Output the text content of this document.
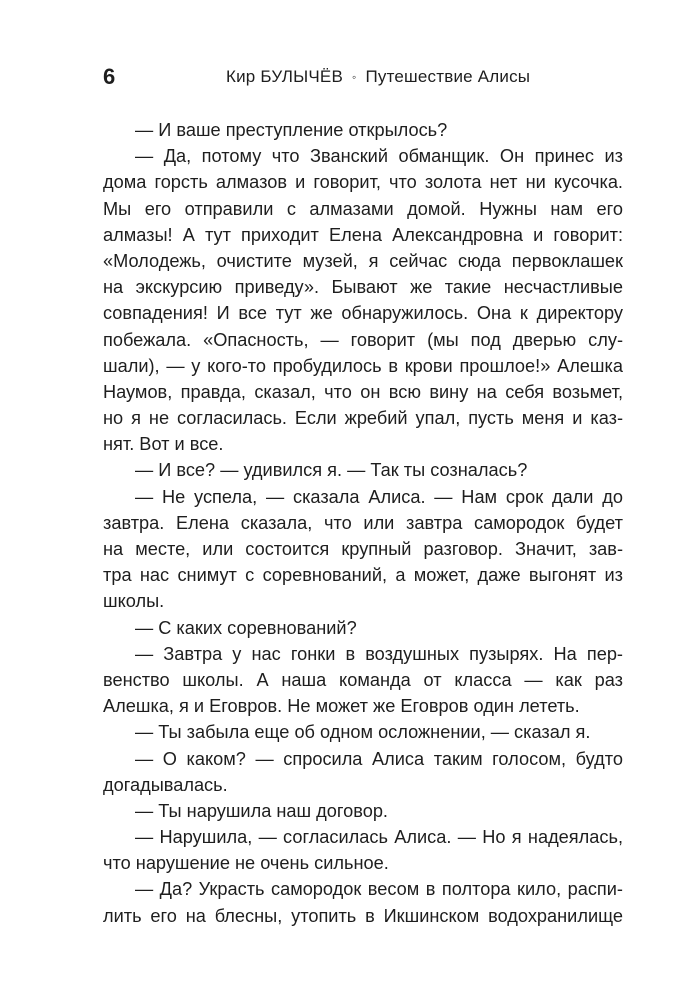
6	Кир БУЛЫЧЁВ ◦ Путешествие Алисы
— И ваше преступление открылось?
— Да, потому что Званский обманщик. Он принес из
дома горсть алмазов и говорит, что золота нет ни кусочка.
Мы его отправили с алмазами домой. Нужны нам его
алмазы! А тут приходит Елена Александровна и говорит:
«Молодежь, очистите музей, я сейчас сюда первоклашек
на экскурсию приведу». Бывают же такие несчастливые
совпадения! И все тут же обнаружилось. Она к директору
побежала. «Опасность, — говорит (мы под дверью слу-
шали), — у кого-то пробудилось в крови прошлое!» Алешка
Наумов, правда, сказал, что он всю вину на себя возьмет,
но я не согласилась. Если жребий упал, пусть меня и каз-
нят. Вот и все.
— И все? — удивился я. — Так ты созналась?
— Не успела, — сказала Алиса. — Нам срок дали до
завтра. Елена сказала, что или завтра самородок будет
на месте, или состоится крупный разговор. Значит, зав-
тра нас снимут с соревнований, а может, даже выгонят из
школы.
— С каких соревнований?
— Завтра у нас гонки в воздушных пузырях. На пер-
венство школы. А наша команда от класса — как раз
Алешка, я и Еговров. Не может же Еговров один лететь.
— Ты забыла еще об одном осложнении, — сказал я.
— О каком? — спросила Алиса таким голосом, будто
догадывалась.
— Ты нарушила наш договор.
— Нарушила, — согласилась Алиса. — Но я надеялась,
что нарушение не очень сильное.
— Да? Украсть самородок весом в полтора кило, распи-
лить его на блесны, утопить в Икшинском водохранилище
